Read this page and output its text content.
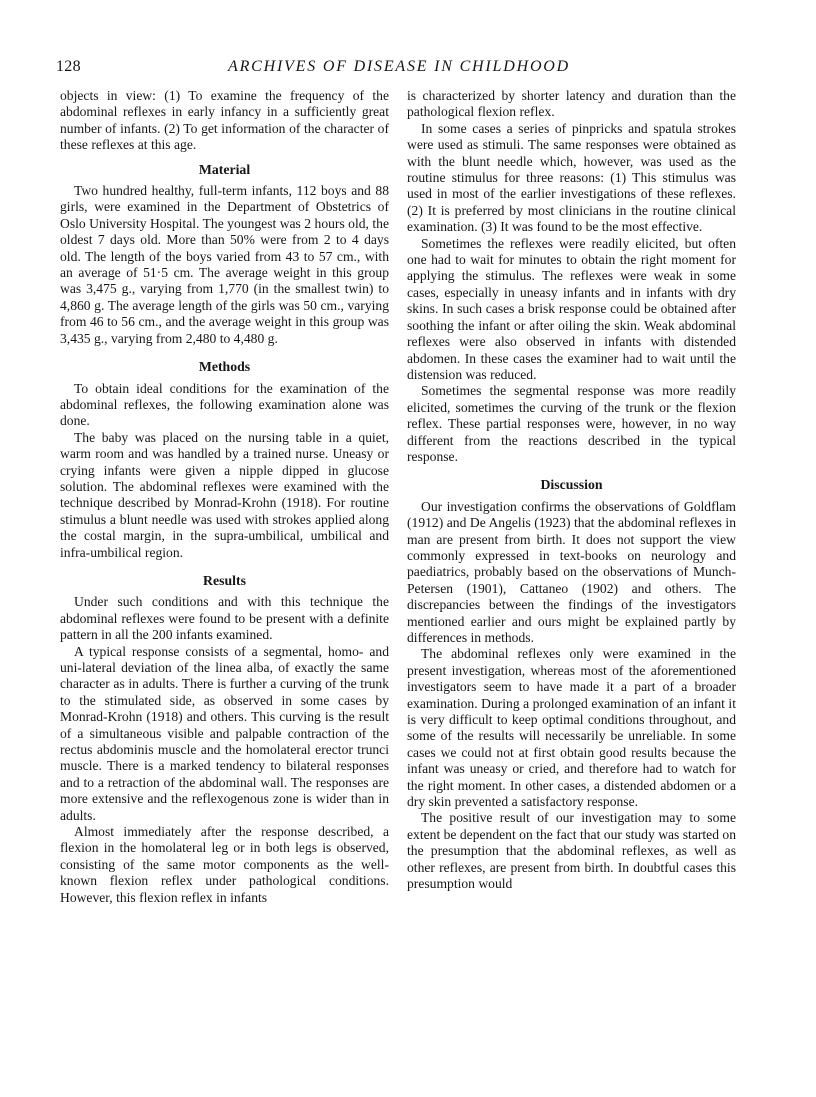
128	ARCHIVES OF DISEASE IN CHILDHOOD

objects in view: (1) To examine the frequency of the abdominal reflexes in early infancy in a sufficiently great number of infants. (2) To get information of the character of these reflexes at this age.

Material

Two hundred healthy, full-term infants, 112 boys and 88 girls, were examined in the Department of Obstetrics of Oslo University Hospital. The youngest was 2 hours old, the oldest 7 days old. More than 50% were from 2 to 4 days old. The length of the boys varied from 43 to 57 cm., with an average of 51·5 cm. The average weight in this group was 3,475 g., varying from 1,770 (in the smallest twin) to 4,860 g. The average length of the girls was 50 cm., varying from 46 to 56 cm., and the average weight in this group was 3,435 g., varying from 2,480 to 4,480 g.

Methods

To obtain ideal conditions for the examination of the abdominal reflexes, the following examination alone was done.

The baby was placed on the nursing table in a quiet, warm room and was handled by a trained nurse. Uneasy or crying infants were given a nipple dipped in glucose solution. The abdominal reflexes were examined with the technique described by Monrad-Krohn (1918). For routine stimulus a blunt needle was used with strokes applied along the costal margin, in the supra-umbilical, umbilical and infra-umbilical region.

Results

Under such conditions and with this technique the abdominal reflexes were found to be present with a definite pattern in all the 200 infants examined.

A typical response consists of a segmental, homo- and uni-lateral deviation of the linea alba, of exactly the same character as in adults. There is further a curving of the trunk to the stimulated side, as observed in some cases by Monrad-Krohn (1918) and others. This curving is the result of a simultaneous visible and palpable contraction of the rectus abdominis muscle and the homolateral erector trunci muscle. There is a marked tendency to bilateral responses and to a retraction of the abdominal wall. The responses are more extensive and the reflexogenous zone is wider than in adults.

Almost immediately after the response described, a flexion in the homolateral leg or in both legs is observed, consisting of the same motor components as the well-known flexion reflex under pathological conditions. However, this flexion reflex in infants

is characterized by shorter latency and duration than the pathological flexion reflex.

In some cases a series of pinpricks and spatula strokes were used as stimuli. The same responses were obtained as with the blunt needle which, however, was used as the routine stimulus for three reasons: (1) This stimulus was used in most of the earlier investigations of these reflexes. (2) It is preferred by most clinicians in the routine clinical examination. (3) It was found to be the most effective.

Sometimes the reflexes were readily elicited, but often one had to wait for minutes to obtain the right moment for applying the stimulus. The reflexes were weak in some cases, especially in uneasy infants and in infants with dry skins. In such cases a brisk response could be obtained after soothing the infant or after oiling the skin. Weak abdominal reflexes were also observed in infants with distended abdomen. In these cases the examiner had to wait until the distension was reduced.

Sometimes the segmental response was more readily elicited, sometimes the curving of the trunk or the flexion reflex. These partial responses were, however, in no way different from the reactions described in the typical response.

Discussion

Our investigation confirms the observations of Goldflam (1912) and De Angelis (1923) that the abdominal reflexes in man are present from birth. It does not support the view commonly expressed in text-books on neurology and paediatrics, probably based on the observations of Munch-Petersen (1901), Cattaneo (1902) and others. The discrepancies between the findings of the investigators mentioned earlier and ours might be explained partly by differences in methods.

The abdominal reflexes only were examined in the present investigation, whereas most of the aforementioned investigators seem to have made it a part of a broader examination. During a prolonged examination of an infant it is very difficult to keep optimal conditions throughout, and some of the results will necessarily be unreliable. In some cases we could not at first obtain good results because the infant was uneasy or cried, and therefore had to watch for the right moment. In other cases, a distended abdomen or a dry skin prevented a satisfactory response.

The positive result of our investigation may to some extent be dependent on the fact that our study was started on the presumption that the abdominal reflexes, as well as other reflexes, are present from birth. In doubtful cases this presumption would
